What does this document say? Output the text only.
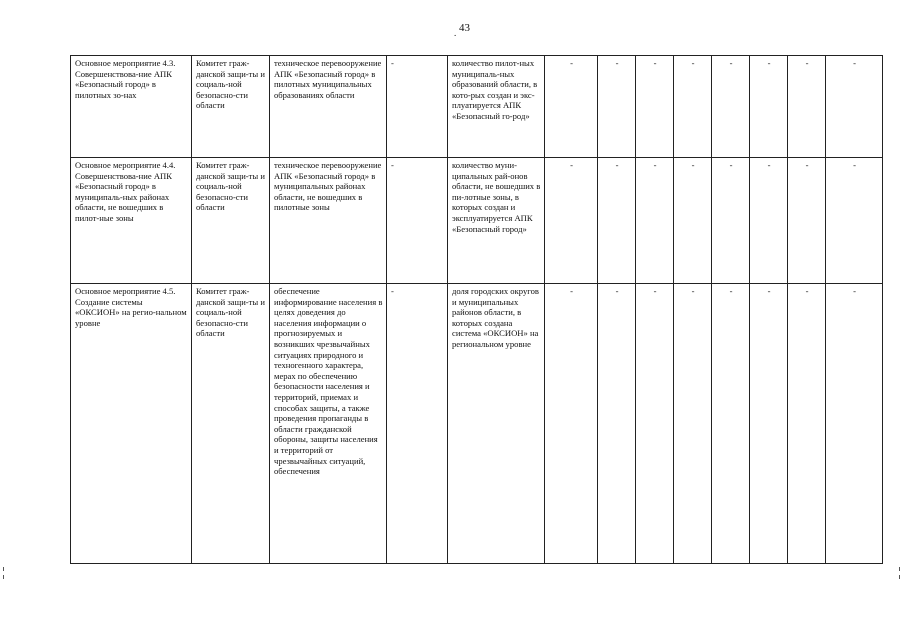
. 43
Основное мероприятие 4.3. Совершенствова-ние АПК «Безопасный город» в пилотных зо-нах	Комитет граж-данской защи-ты и социаль-ной безопасно-сти области	техническое перевооружение АПК «Безопасный город» в пилотных муниципальных образованиях области	-	количество пилот-ных муниципаль-ных образований области, в кото-рых создан и экс-плуатируется АПК «Безопасный го-род»	-	-	-	-	-	-	-	-
Основное мероприятие 4.4. Совершенствова-ние АПК «Безопасный город» в муниципаль-ных районах области, не вошедших в пилот-ные зоны	Комитет граж-данской защи-ты и социаль-ной безопасно-сти области	техническое перевооружение АПК «Безопасный город» в муниципальных районах области, не вошедших в пилотные зоны	-	количество муни-ципальных рай-онов области, не вошедших в пи-лотные зоны, в которых создан и эксплуатируется АПК «Безопасный город»	-	-	-	-	-	-	-	-
Основное мероприятие 4.5. Создание системы «ОКСИОН» на регио-нальном уровне	Комитет граж-данской защи-ты и социаль-ной безопасно-сти области	обеспечение информирование населения в целях доведения до населения информации о прогнозируемых и возникших чрезвычайных ситуациях природного и техногенного характера, мерах по обеспечению безопасности населения и территорий, приемах и способах защиты, а также проведения пропаганды в области гражданской обороны, защиты населения и территорий от чрезвычайных ситуаций, обеспечения	-	доля городских округов и муниципальных районов области, в которых создана система «ОКСИОН» на региональном уровне	-	-	-	-	-	-	-	-
